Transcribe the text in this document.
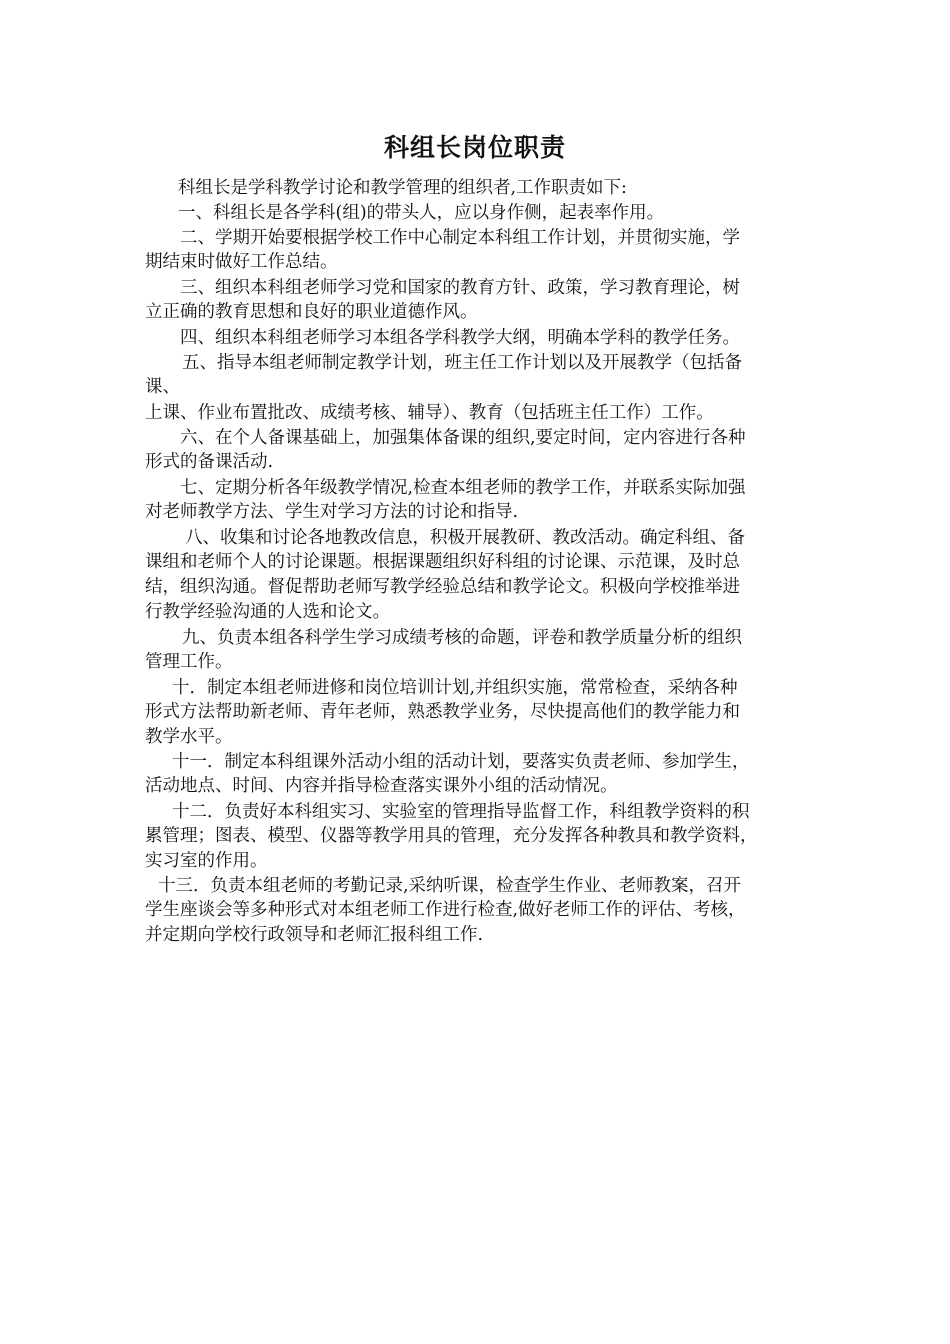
科组长岗位职责
科组长是学科教学讨论和教学管理的组织者,工作职责如下:
一、科组长是各学科(组)的带头人，应以身作侧，起表率作用。
二、学期开始要根据学校工作中心制定本科组工作计划，并贯彻实施，学
期结束时做好工作总结。
三、组织本科组老师学习党和国家的教育方针、政策，学习教育理论，树
立正确的教育思想和良好的职业道德作风。
四、组织本科组老师学习本组各学科教学大纲，明确本学科的教学任务。
五、指导本组老师制定教学计划，班主任工作计划以及开展教学（包括备
课、
上课、作业布置批改、成绩考核、辅导）、教育（包括班主任工作）工作。
六、在个人备课基础上，加强集体备课的组织,要定时间，定内容进行各种
形式的备课活动.
七、定期分析各年级教学情况,检查本组老师的教学工作，并联系实际加强
对老师教学方法、学生对学习方法的讨论和指导.
八、收集和讨论各地教改信息，积极开展教研、教改活动。确定科组、备
课组和老师个人的讨论课题。根据课题组织好科组的讨论课、示范课，及时总
结，组织沟通。督促帮助老师写教学经验总结和教学论文。积极向学校推举进
行教学经验沟通的人选和论文。
九、负责本组各科学生学习成绩考核的命题，评卷和教学质量分析的组织
管理工作。
十．制定本组老师进修和岗位培训计划,并组织实施，常常检查，采纳各种
形式方法帮助新老师、青年老师，熟悉教学业务，尽快提高他们的教学能力和
教学水平。
十一．制定本科组课外活动小组的活动计划，要落实负责老师、参加学生，
活动地点、时间、内容并指导检查落实课外小组的活动情况。
十二．负责好本科组实习、实验室的管理指导监督工作，科组教学资料的积
累管理；图表、模型、仪器等教学用具的管理，充分发挥各种教具和教学资料，
实习室的作用。
十三．负责本组老师的考勤记录,采纳听课，检查学生作业、老师教案，召开
学生座谈会等多种形式对本组老师工作进行检查,做好老师工作的评估、考核，
并定期向学校行政领导和老师汇报科组工作.
